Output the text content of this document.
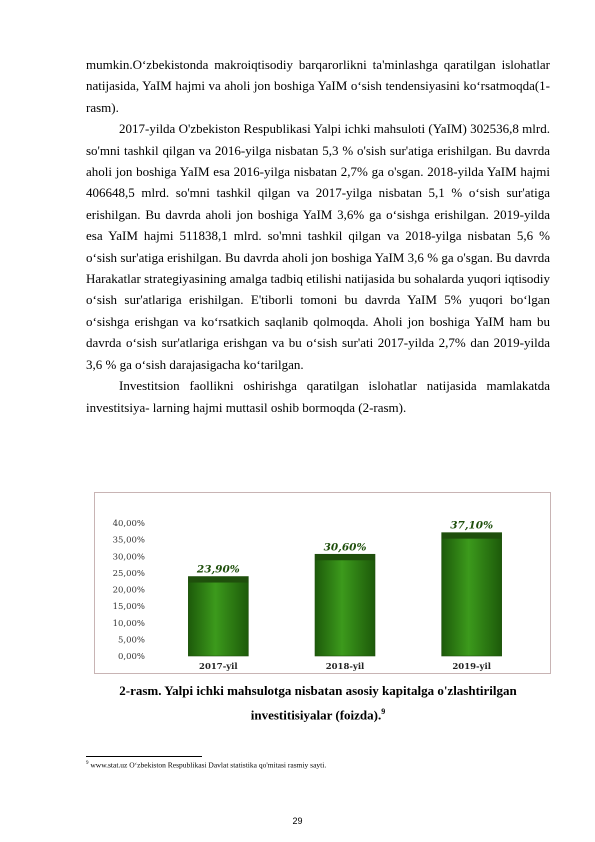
mumkin.O‘zbekistonda makroiqtisodiy barqarorlikni ta'minlashga qaratilgan islohatlar natijasida, YaIM hajmi va aholi jon boshiga YaIM o‘sish tendensiyasini ko‘rsatmoqda(1-rasm).

2017-yilda O'zbekiston Respublikasi Yalpi ichki mahsuloti (YaIM) 302536,8 mlrd. so'mni tashkil qilgan va 2016-yilga nisbatan 5,3 % o'sish sur'atiga erishilgan. Bu davrda aholi jon boshiga YaIM esa 2016-yilga nisbatan 2,7% ga o'sgan. 2018-yilda YaIM hajmi 406648,5 mlrd. so'mni tashkil qilgan va 2017-yilga nisbatan 5,1 % o‘sish sur'atiga erishilgan. Bu davrda aholi jon boshiga YaIM 3,6% ga o‘sishga erishilgan. 2019-yilda esa YaIM hajmi 511838,1 mlrd. so'mni tashkil qilgan va 2018-yilga nisbatan 5,6 % o‘sish sur'atiga erishilgan. Bu davrda aholi jon boshiga YaIM 3,6 % ga o'sgan. Bu davrda Harakatlar strategiyasining amalga tadbiq etilishi natijasida bu sohalarda yuqori iqtisodiy o‘sish sur'atlariga erishilgan. E'tiborli tomoni bu davrda YaIM 5% yuqori bo‘lgan o‘sishga erishgan va ko‘rsatkich saqlanib qolmoqda. Aholi jon boshiga YaIM ham bu davrda o‘sish sur'atlariga erishgan va bu o‘sish sur'ati 2017-yilda 2,7% dan 2019-yilda 3,6 % ga o‘sish darajasigacha ko‘tarilgan.

Investitsion faollikni oshirishga qaratilgan islohatlar natijasida mamlakatda investitsiya- larning hajmi muttasil oshib bormoqda (2-rasm).

0,00%
5,00%
10,00%
15,00%
20,00%
25,00%
30,00%
35,00%
40,00%
23,90%
30,60%
37,10%
2017-yil	2018-yil	2019-yil
2-rasm. Yalpi ichki mahsulotga nisbatan asosiy kapitalga o'zlashtirilgan investitisiyalar (foizda).$^9$
$^9$ www.stat.uz O‘zbekiston Respublikasi Davlat statistika qo'mitasi rasmiy sayti.
29
